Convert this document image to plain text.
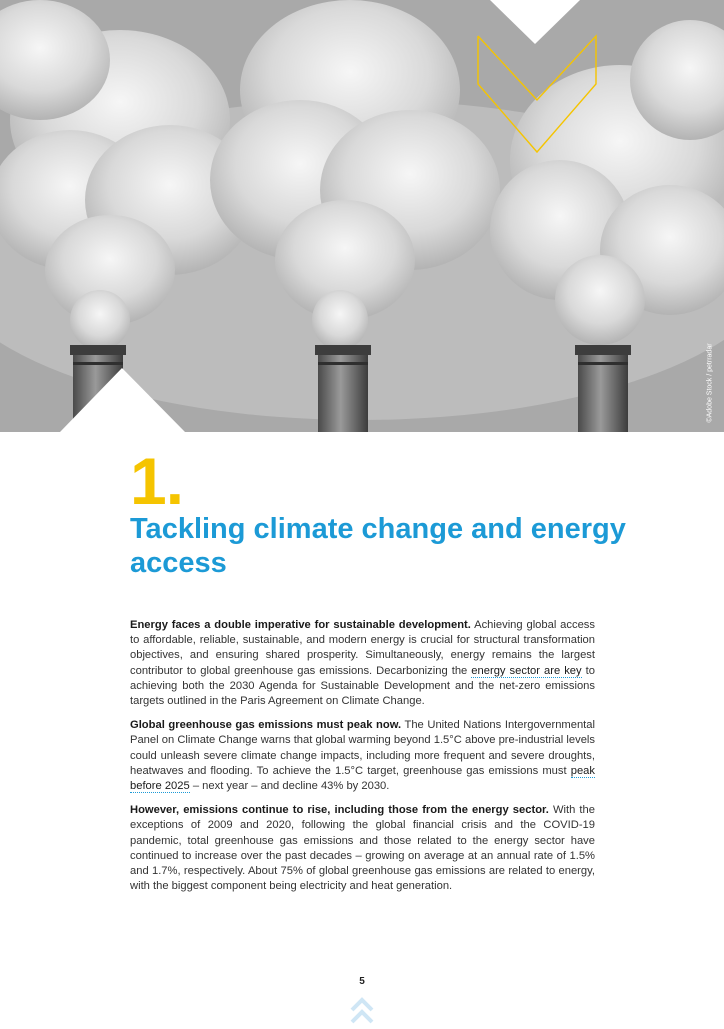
©Adobe Stock / petrradar
1.
Tackling climate change and energy access

Energy faces a double imperative for sustainable development. Achieving global access to affordable, reliable, sustainable, and modern energy is crucial for structural transformation objectives, and ensuring shared prosperity. Simultaneously, energy remains the largest contributor to global greenhouse gas emissions. Decarbonizing the energy sector are key to achieving both the 2030 Agenda for Sustainable Development and the net-zero emissions targets outlined in the Paris Agreement on Climate Change.

Global greenhouse gas emissions must peak now. The United Nations Intergovernmental Panel on Climate Change warns that global warming beyond 1.5°C above pre-industrial levels could unleash severe climate change impacts, including more frequent and severe droughts, heatwaves and flooding. To achieve the 1.5°C target, greenhouse gas emissions must peak before 2025 – next year – and decline 43% by 2030.

However, emissions continue to rise, including those from the energy sector. With the exceptions of 2009 and 2020, following the global financial crisis and the COVID-19 pandemic, total greenhouse gas emissions and those related to the energy sector have continued to increase over the past decades – growing on average at an annual rate of 1.5% and 1.7%, respectively. About 75% of global greenhouse gas emissions are related to energy, with the biggest component being electricity and heat generation.

5
